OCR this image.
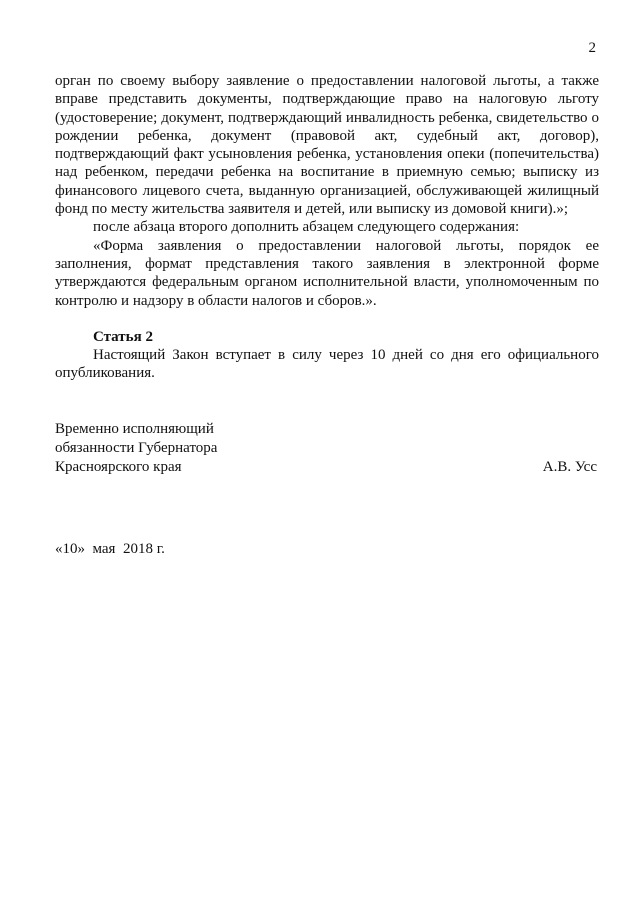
2

орган по своему выбору заявление о предоставлении налоговой льготы, а также вправе представить документы, подтверждающие право на налоговую льготу (удостоверение; документ, подтверждающий инвалидность ребенка, свидетельство о рождении ребенка, документ (правовой акт, судебный акт, договор), подтверждающий факт усыновления ребенка, установления опеки (попечительства) над ребенком, передачи ребенка на воспитание в приемную семью; выписку из финансового лицевого счета, выданную организацией, обслуживающей жилищный фонд по месту жительства заявителя и детей, или выписку из домовой книги).»;

после абзаца второго дополнить абзацем следующего содержания:

«Форма заявления о предоставлении налоговой льготы, порядок ее заполнения, формат представления такого заявления в электронной форме утверждаются федеральным органом исполнительной власти, уполномоченным по контролю и надзору в области налогов и сборов.».

Статья 2

Настоящий Закон вступает в силу через 10 дней со дня его официального опубликования.

Временно исполняющий
обязанности Губернатора
Красноярского края	А.В. Усс
«10»  мая  2018 г.
